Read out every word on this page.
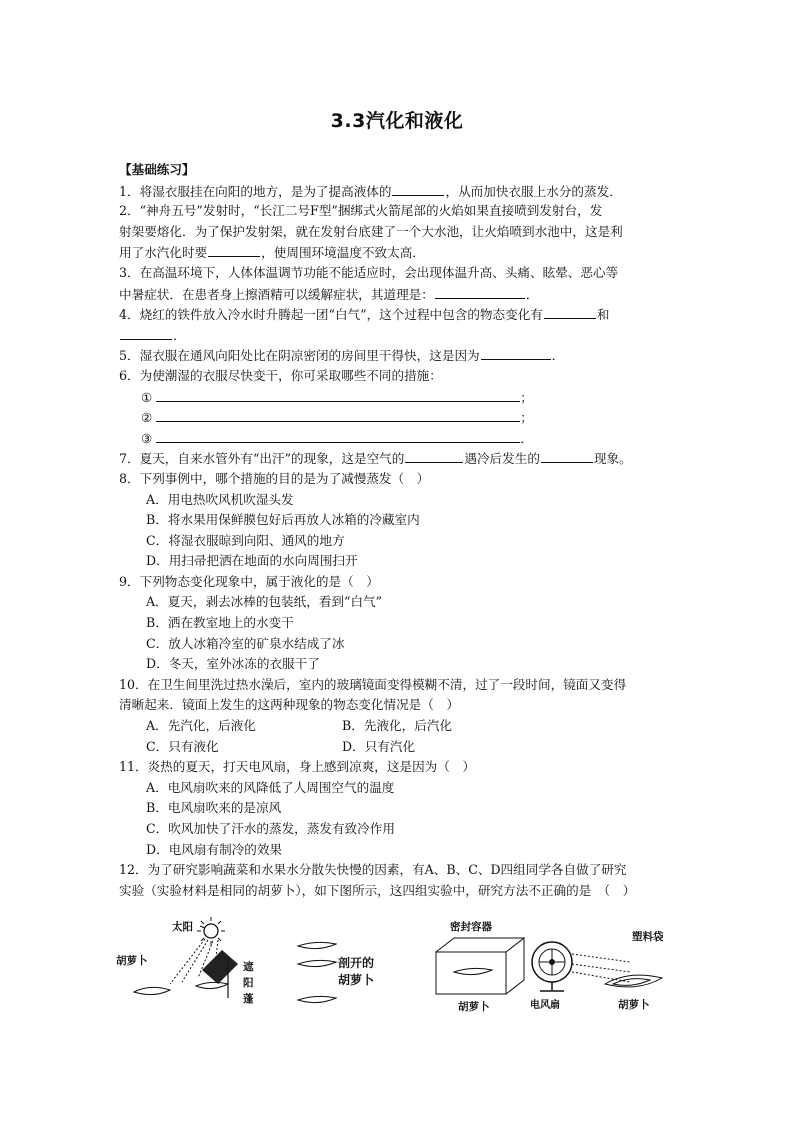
3.3汽化和液化
【基础练习】
1．将湿衣服挂在向阳的地方，是为了提高液体的	，从而加快衣服上水分的蒸发．
2．“神舟五号”发射时，“长江二号F型”捆绑式火箭尾部的火焰如果直接喷到发射台，发
射架要熔化．为了保护发射架，就在发射台底建了一个大水池，让火焰喷到水池中，这是利
用了水汽化时要	，使周围环境温度不致太高．
3．在高温环境下，人体体温调节功能不能适应时，会出现体温升高、头痛、眩晕、恶心等
中暑症状．在患者身上擦酒精可以缓解症状，其道理是：	．
4．烧红的铁件放入冷水时升腾起一团“白气”，这个过程中包含的物态变化有	和
．
5．湿衣服在通风向阳处比在阴凉密闭的房间里干得快，这是因为	．
6．为使潮湿的衣服尽快变干，你可采取哪些不同的措施：
①	；
②	；
③	．
7．夏天，自来水管外有“出汗”的现象，这是空气的	遇冷后发生的	现象。
8．下列事例中，哪个措施的目的是为了减慢蒸发（　）
A．用电热吹风机吹湿头发
B．将水果用保鲜膜包好后再放人冰箱的冷藏室内
C．将湿衣服晾到向阳、通风的地方
D．用扫帚把洒在地面的水向周围扫开
9．下列物态变化现象中，属于液化的是（　）
A．夏天，剥去冰棒的包装纸，看到“白气”
B．洒在教室地上的水变干
C．放人冰箱冷室的矿泉水结成了冰
D．冬天，室外冰冻的衣服干了
10．在卫生间里洗过热水澡后，室内的玻璃镜面变得模糊不清，过了一段时间，镜面又变得
清晰起来．镜面上发生的这两种现象的物态变化情况是（　）
A．先汽化，后液化	B．先液化，后汽化
C．只有液化	D．只有汽化
11．炎热的夏天，打天电风扇，身上感到凉爽，这是因为（　）
A．电风扇吹来的风降低了人周围空气的温度
B．电风扇吹来的是凉风
C．吹风加快了汗水的蒸发，蒸发有致冷作用
D．电风扇有制冷的效果
12．为了研究影响蔬菜和水果水分散失快慢的因素，有A、B、C、D四组同学各自做了研究
实验（实验材料是相同的胡萝卜），如下图所示，这四组实验中，研究方法不正确的是　（　）
太阳
胡萝卜	遮
阳
蓬
剖开的
胡萝卜
密封容器
胡萝卜
塑料袋
电风扇	胡萝卜
